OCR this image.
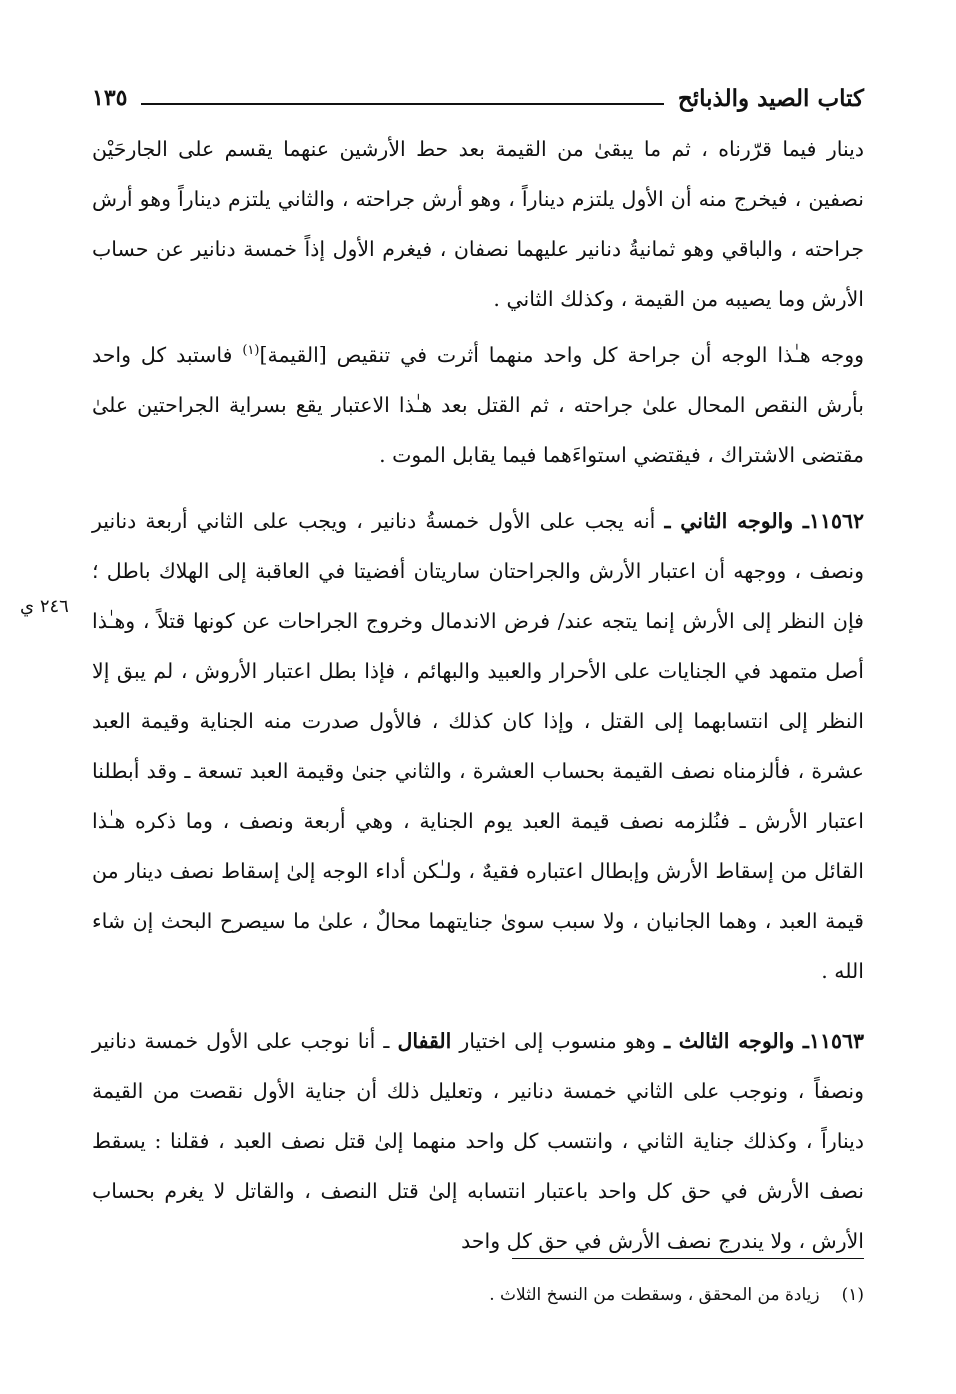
كتاب الصيد والذبائح
١٣٥
٢٤٦ ي

دينار فيما قرّرناه ، ثم ما يبقىٰ من القيمة بعد حط الأرشين عنهما يقسم على الجارحَيْن نصفين ، فيخرج منه أن الأول يلتزم ديناراً ، وهو أرش جراحته ، والثاني يلتزم ديناراً وهو أرش جراحته ، والباقي وهو ثمانيةُ دنانير عليهما نصفان ، فيغرم الأول إذاً خمسة دنانير عن حساب الأرش وما يصيبه من القيمة ، وكذلك الثاني .

ووجه هـٰذا الوجه أن جراحة كل واحد منهما أثرت في تنقيص [القيمة]$^{(١)}$ فاستبد كل واحد بأرش النقص المحال علىٰ جراحته ، ثم القتل بعد هـٰذا الاعتبار يقع بسراية الجراحتين علىٰ مقتضى الاشتراك ، فيقتضي استواءَهما فيما يقابل الموت .

١١٥٦٢ـ والوجه الثاني ـ أنه يجب على الأول خمسةُ دنانير ، ويجب على الثاني أربعة دنانير ونصف ، ووجهه أن اعتبار الأرش والجراحتان ساريتان أفضيتا في العاقبة إلى الهلاك باطل ؛ فإن النظر إلى الأرش إنما يتجه عند/ فرض الاندمال وخروج الجراحات عن كونها قتلاً ، وهـٰذا أصل متمهد في الجنايات على الأحرار والعبيد والبهائم ، فإذا بطل اعتبار الأروش ، لم يبق إلا النظر إلى انتسابهما إلى القتل ، وإذا كان كذلك ، فالأول صدرت منه الجناية وقيمة العبد عشرة ، فألزمناه نصف القيمة بحساب العشرة ، والثاني جنىٰ وقيمة العبد تسعة ـ وقد أبطلنا اعتبار الأرش ـ فنُلزمه نصف قيمة العبد يوم الجناية ، وهي أربعة ونصف ، وما ذكره هـٰذا القائل من إسقاط الأرش وإبطال اعتباره فقيهٌ ، ولـٰكن أداء الوجه إلىٰ إسقاط نصف دينار من قيمة العبد ، وهما الجانيان ، ولا سبب سوىٰ جنايتهما محالٌ ، علىٰ ما سيصرح البحث إن شاء الله .

١١٥٦٣ـ والوجه الثالث ـ وهو منسوب إلى اختيار القفال ـ أنا نوجب على الأول خمسة دنانير ونصفاً ، ونوجب على الثاني خمسة دنانير ، وتعليل ذلك أن جناية الأول نقصت من القيمة ديناراً ، وكذلك جناية الثاني ، وانتسب كل واحد منهما إلىٰ قتل نصف العبد ، فقلنا : يسقط نصف الأرش في حق كل واحد باعتبار انتسابه إلىٰ قتل النصف ، والقاتل لا يغرم بحساب الأرش ، ولا يندرج نصف الأرش في حق كل واحد

(١)زيادة من المحقق ، وسقطت من النسخ الثلاث .
